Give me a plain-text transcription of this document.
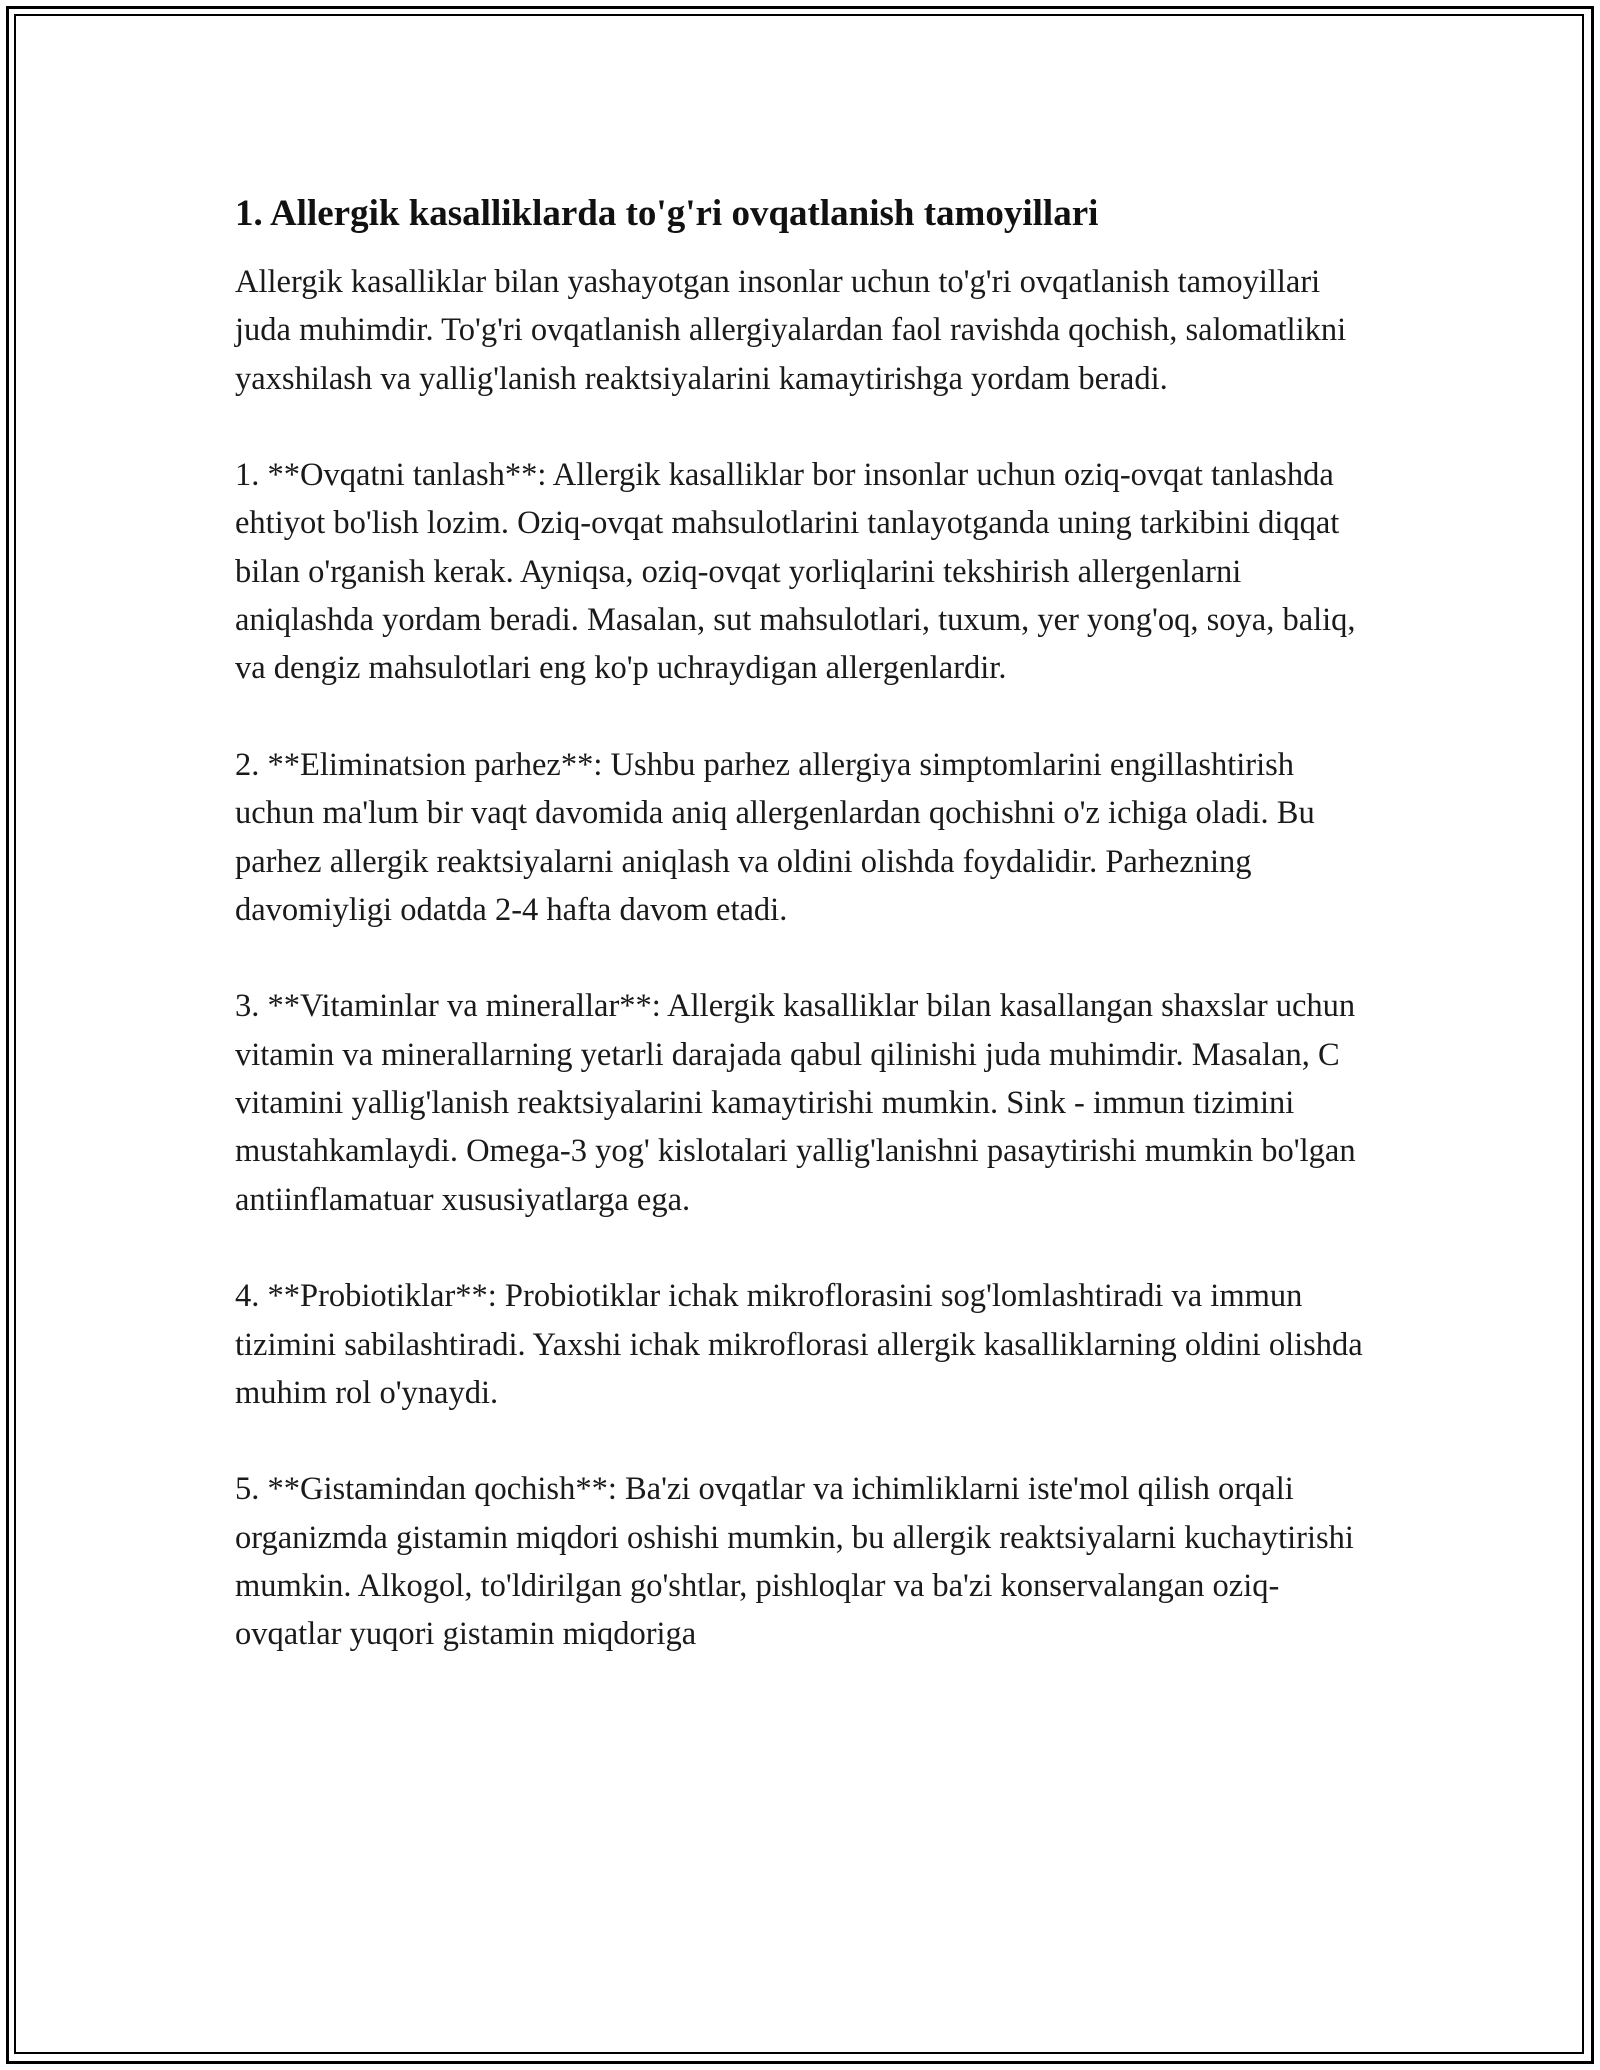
1. Allergik kasalliklarda to'g'ri ovqatlanish tamoyillari

Allergik kasalliklar bilan yashayotgan insonlar uchun to'g'ri ovqatlanish tamoyillari juda muhimdir. To'g'ri ovqatlanish allergiyalardan faol ravishda qochish, salomatlikni yaxshilash va yallig'lanish reaktsiyalarini kamaytirishga yordam beradi.

1. **Ovqatni tanlash**: Allergik kasalliklar bor insonlar uchun oziq-ovqat tanlashda ehtiyot bo'lish lozim. Oziq-ovqat mahsulotlarini tanlayotganda uning tarkibini diqqat bilan o'rganish kerak. Ayniqsa, oziq-ovqat yorliqlarini tekshirish allergenlarni aniqlashda yordam beradi. Masalan, sut mahsulotlari, tuxum, yer yong'oq, soya, baliq, va dengiz mahsulotlari eng ko'p uchraydigan allergenlardir.

2. **Eliminatsion parhez**: Ushbu parhez allergiya simptomlarini engillashtirish uchun ma'lum bir vaqt davomida aniq allergenlardan qochishni o'z ichiga oladi. Bu parhez allergik reaktsiyalarni aniqlash va oldini olishda foydalidir. Parhezning davomiyligi odatda 2-4 hafta davom etadi.

3. **Vitaminlar va minerallar**: Allergik kasalliklar bilan kasallangan shaxslar uchun vitamin va minerallarning yetarli darajada qabul qilinishi juda muhimdir. Masalan, C vitamini yallig'lanish reaktsiyalarini kamaytirishi mumkin. Sink - immun tizimini mustahkamlaydi. Omega-3 yog' kislotalari yallig'lanishni pasaytirishi mumkin bo'lgan antiinflamatuar xususiyatlarga ega.

4. **Probiotiklar**: Probiotiklar ichak mikroflorasini sog'lomlashtiradi va immun tizimini sabilashtiradi. Yaxshi ichak mikroflorasi allergik kasalliklarning oldini olishda muhim rol o'ynaydi.

5. **Gistamindan qochish**: Ba'zi ovqatlar va ichimliklarni iste'mol qilish orqali organizmda gistamin miqdori oshishi mumkin, bu allergik reaktsiyalarni kuchaytirishi mumkin. Alkogol, to'ldirilgan go'shtlar, pishloqlar va ba'zi konservalangan oziq-ovqatlar yuqori gistamin miqdoriga
